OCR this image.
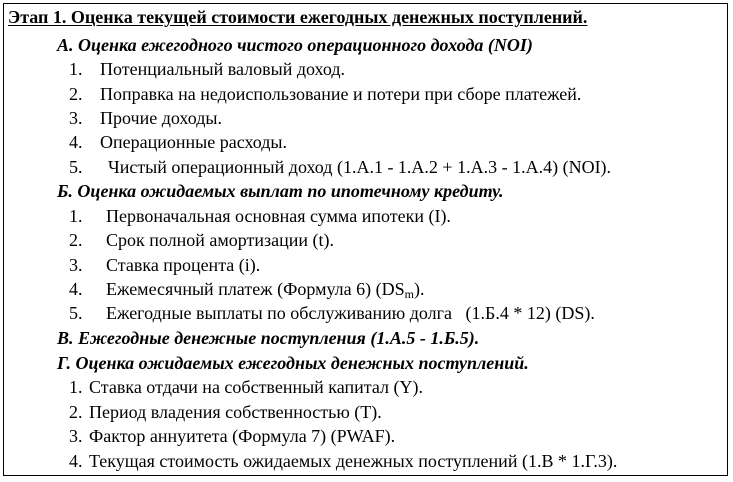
Этап 1. Оценка текущей стоимости ежегодных денежных поступлений.
А. Оценка ежегодного чистого операционного дохода (NOI)
1. Потенциальный валовый доход.
2. Поправка на недоиспользование и потери при сборе платежей.
3. Прочие доходы.
4. Операционные расходы.
5. Чистый операционный доход (1.А.1 - 1.А.2 + 1.А.3 - 1.А.4) (NOI).
Б. Оценка ожидаемых выплат по ипотечному кредиту.
1. Первоначальная основная сумма ипотеки (I).
2. Срок полной амортизации (t).
3. Ставка процента (i).
4. Ежемесячный платеж (Формула 6) $(DS_m)$.
5. Ежегодные выплаты по обслуживанию долга   (1.Б.4 * 12) (DS).
В. Ежегодные денежные поступления (1.А.5 - 1.Б.5).
Г. Оценка ожидаемых ежегодных денежных поступлений.
1. Ставка отдачи на собственный капитал (Y).
2. Период владения собственностью (T).
3. Фактор аннуитета (Формула 7) (PWAF).
4. Текущая стоимость ожидаемых денежных поступлений (1.В * 1.Г.3).
